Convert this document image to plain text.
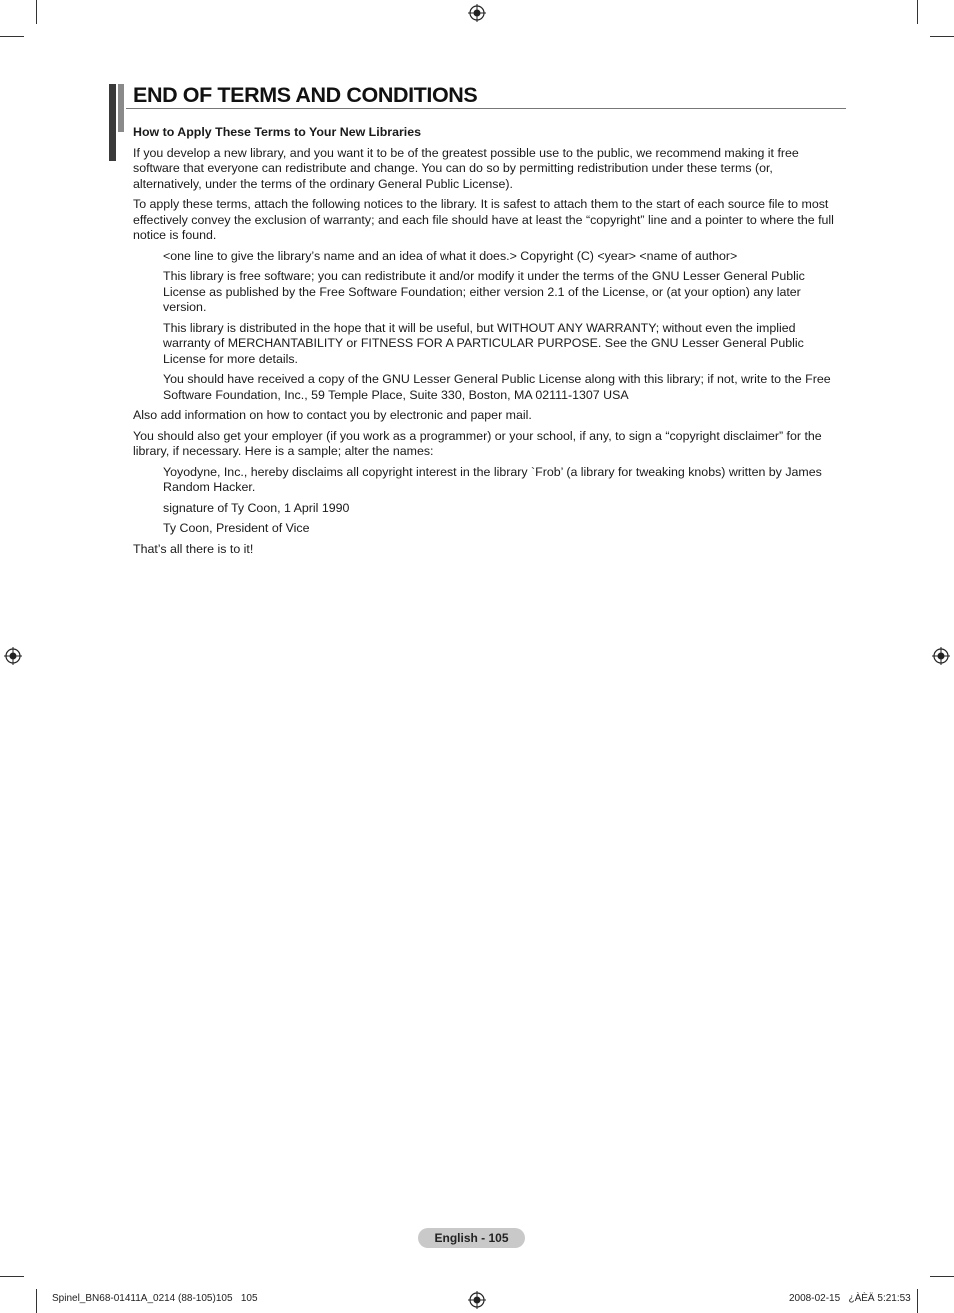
END OF TERMS AND CONDITIONS

How to Apply These Terms to Your New Libraries

If you develop a new library, and you want it to be of the greatest possible use to the public, we recommend making it free software that everyone can redistribute and change. You can do so by permitting redistribution under these terms (or, alternatively, under the terms of the ordinary General Public License).

To apply these terms, attach the following notices to the library. It is safest to attach them to the start of each source file to most effectively convey the exclusion of warranty; and each file should have at least the “copyright” line and a pointer to where the full notice is found.

<one line to give the library’s name and an idea of what it does.> Copyright (C) <year> <name of author>

This library is free software; you can redistribute it and/or modify it under the terms of the GNU Lesser General Public License as published by the Free Software Foundation; either version 2.1 of the License, or (at your option) any later version.

This library is distributed in the hope that it will be useful, but WITHOUT ANY WARRANTY; without even the implied warranty of MERCHANTABILITY or FITNESS FOR A PARTICULAR PURPOSE. See the GNU Lesser General Public License for more details.

You should have received a copy of the GNU Lesser General Public License along with this library; if not, write to the Free Software Foundation, Inc., 59 Temple Place, Suite 330, Boston, MA 02111-1307 USA

Also add information on how to contact you by electronic and paper mail.

You should also get your employer (if you work as a programmer) or your school, if any, to sign a “copyright disclaimer” for the library, if necessary. Here is a sample; alter the names:

Yoyodyne, Inc., hereby disclaims all copyright interest in the library `Frob’ (a library for tweaking knobs) written by James Random Hacker.

signature of Ty Coon, 1 April 1990

Ty Coon, President of Vice

That’s all there is to it!

English - 105
Spinel_BN68-01411A_0214 (88-105)105   105	2008-02-15   ¿ÀÈÄ 5:21:53
